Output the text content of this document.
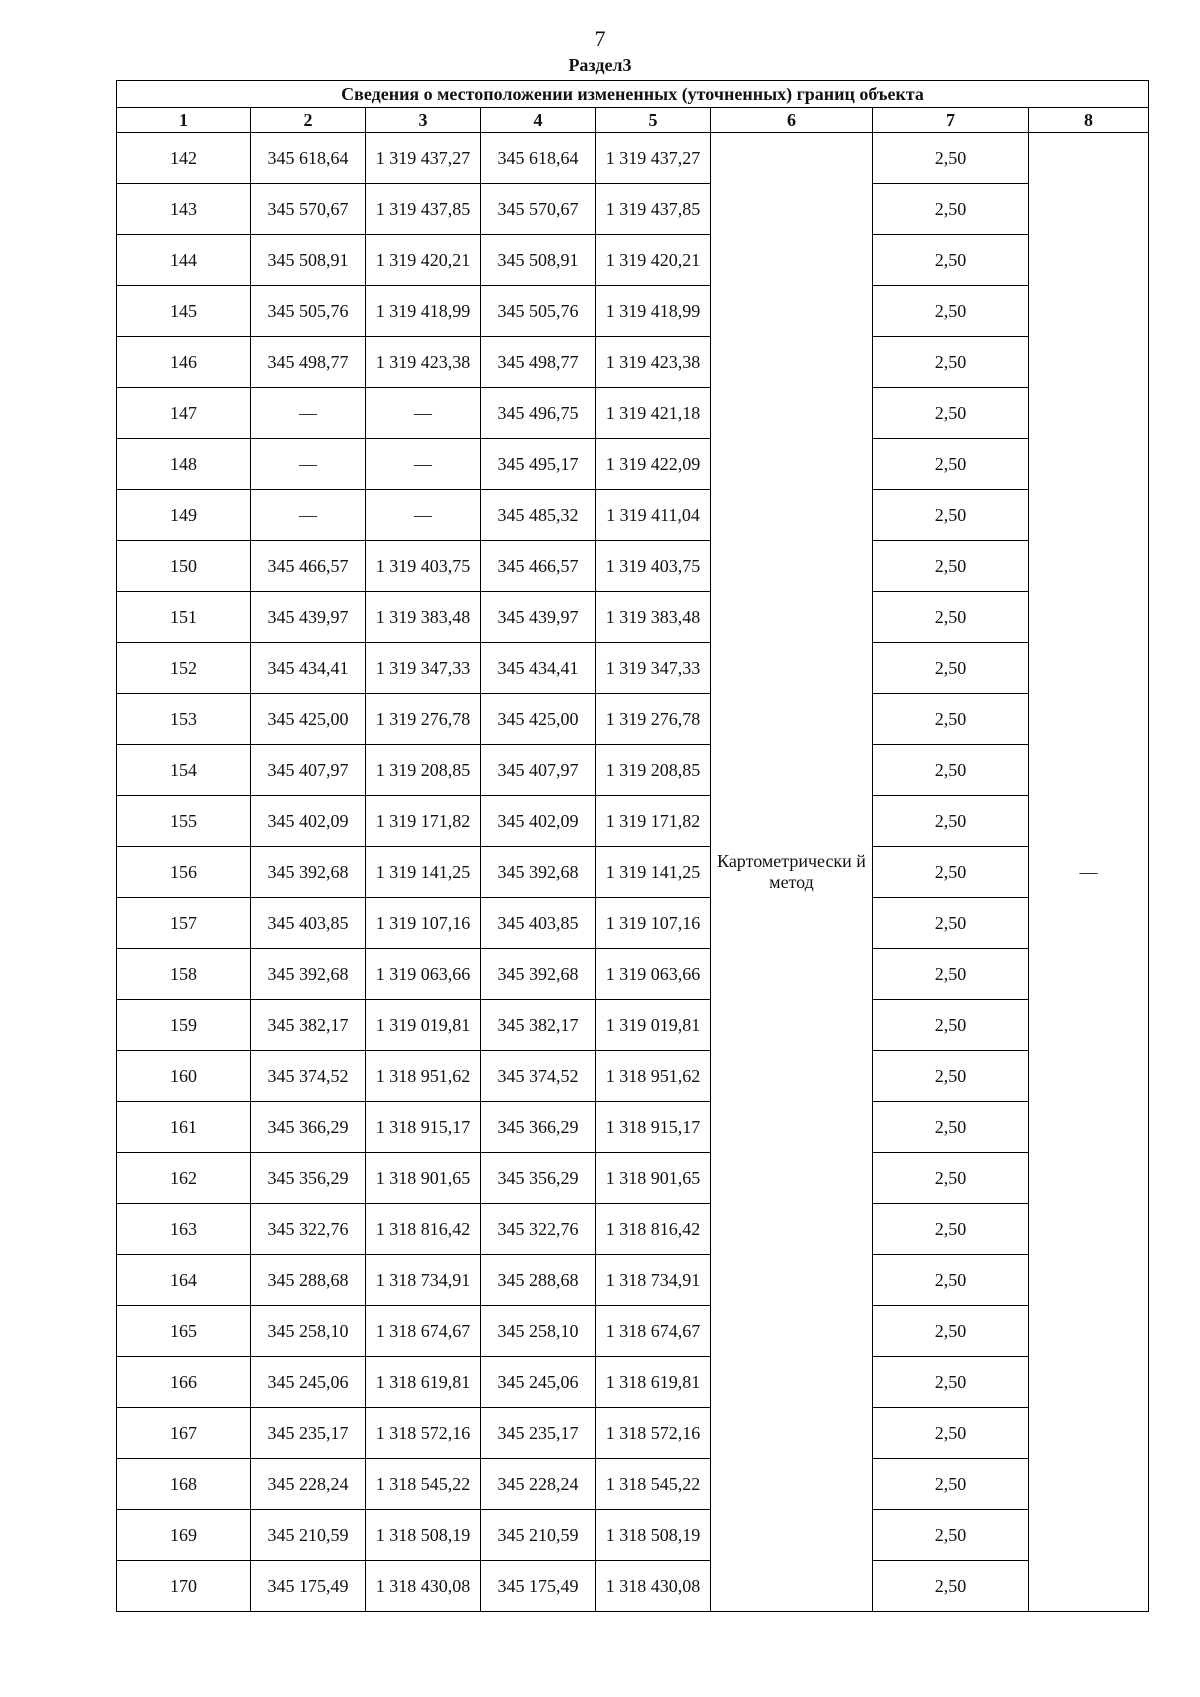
7
Раздел3
Сведения о местоположении измененных (уточненных) границ объекта							
1	2	3	4	5	6	7	8
142	345 618,64	1 319 437,27	345 618,64	1 319 437,27	Картометрически й метод	2,50	—
143	345 570,67	1 319 437,85	345 570,67	1 319 437,85		2,50	
144	345 508,91	1 319 420,21	345 508,91	1 319 420,21		2,50	
145	345 505,76	1 319 418,99	345 505,76	1 319 418,99		2,50	
146	345 498,77	1 319 423,38	345 498,77	1 319 423,38		2,50	
147	—	—	345 496,75	1 319 421,18		2,50	
148	—	—	345 495,17	1 319 422,09		2,50	
149	—	—	345 485,32	1 319 411,04		2,50	
150	345 466,57	1 319 403,75	345 466,57	1 319 403,75		2,50	
151	345 439,97	1 319 383,48	345 439,97	1 319 383,48		2,50	
152	345 434,41	1 319 347,33	345 434,41	1 319 347,33		2,50	
153	345 425,00	1 319 276,78	345 425,00	1 319 276,78		2,50	
154	345 407,97	1 319 208,85	345 407,97	1 319 208,85		2,50	
155	345 402,09	1 319 171,82	345 402,09	1 319 171,82		2,50	
156	345 392,68	1 319 141,25	345 392,68	1 319 141,25		2,50	
157	345 403,85	1 319 107,16	345 403,85	1 319 107,16		2,50	
158	345 392,68	1 319 063,66	345 392,68	1 319 063,66		2,50	
159	345 382,17	1 319 019,81	345 382,17	1 319 019,81		2,50	
160	345 374,52	1 318 951,62	345 374,52	1 318 951,62		2,50	
161	345 366,29	1 318 915,17	345 366,29	1 318 915,17		2,50	
162	345 356,29	1 318 901,65	345 356,29	1 318 901,65		2,50	
163	345 322,76	1 318 816,42	345 322,76	1 318 816,42		2,50	
164	345 288,68	1 318 734,91	345 288,68	1 318 734,91		2,50	
165	345 258,10	1 318 674,67	345 258,10	1 318 674,67		2,50	
166	345 245,06	1 318 619,81	345 245,06	1 318 619,81		2,50	
167	345 235,17	1 318 572,16	345 235,17	1 318 572,16		2,50	
168	345 228,24	1 318 545,22	345 228,24	1 318 545,22		2,50	
169	345 210,59	1 318 508,19	345 210,59	1 318 508,19		2,50	
170	345 175,49	1 318 430,08	345 175,49	1 318 430,08		2,50	
